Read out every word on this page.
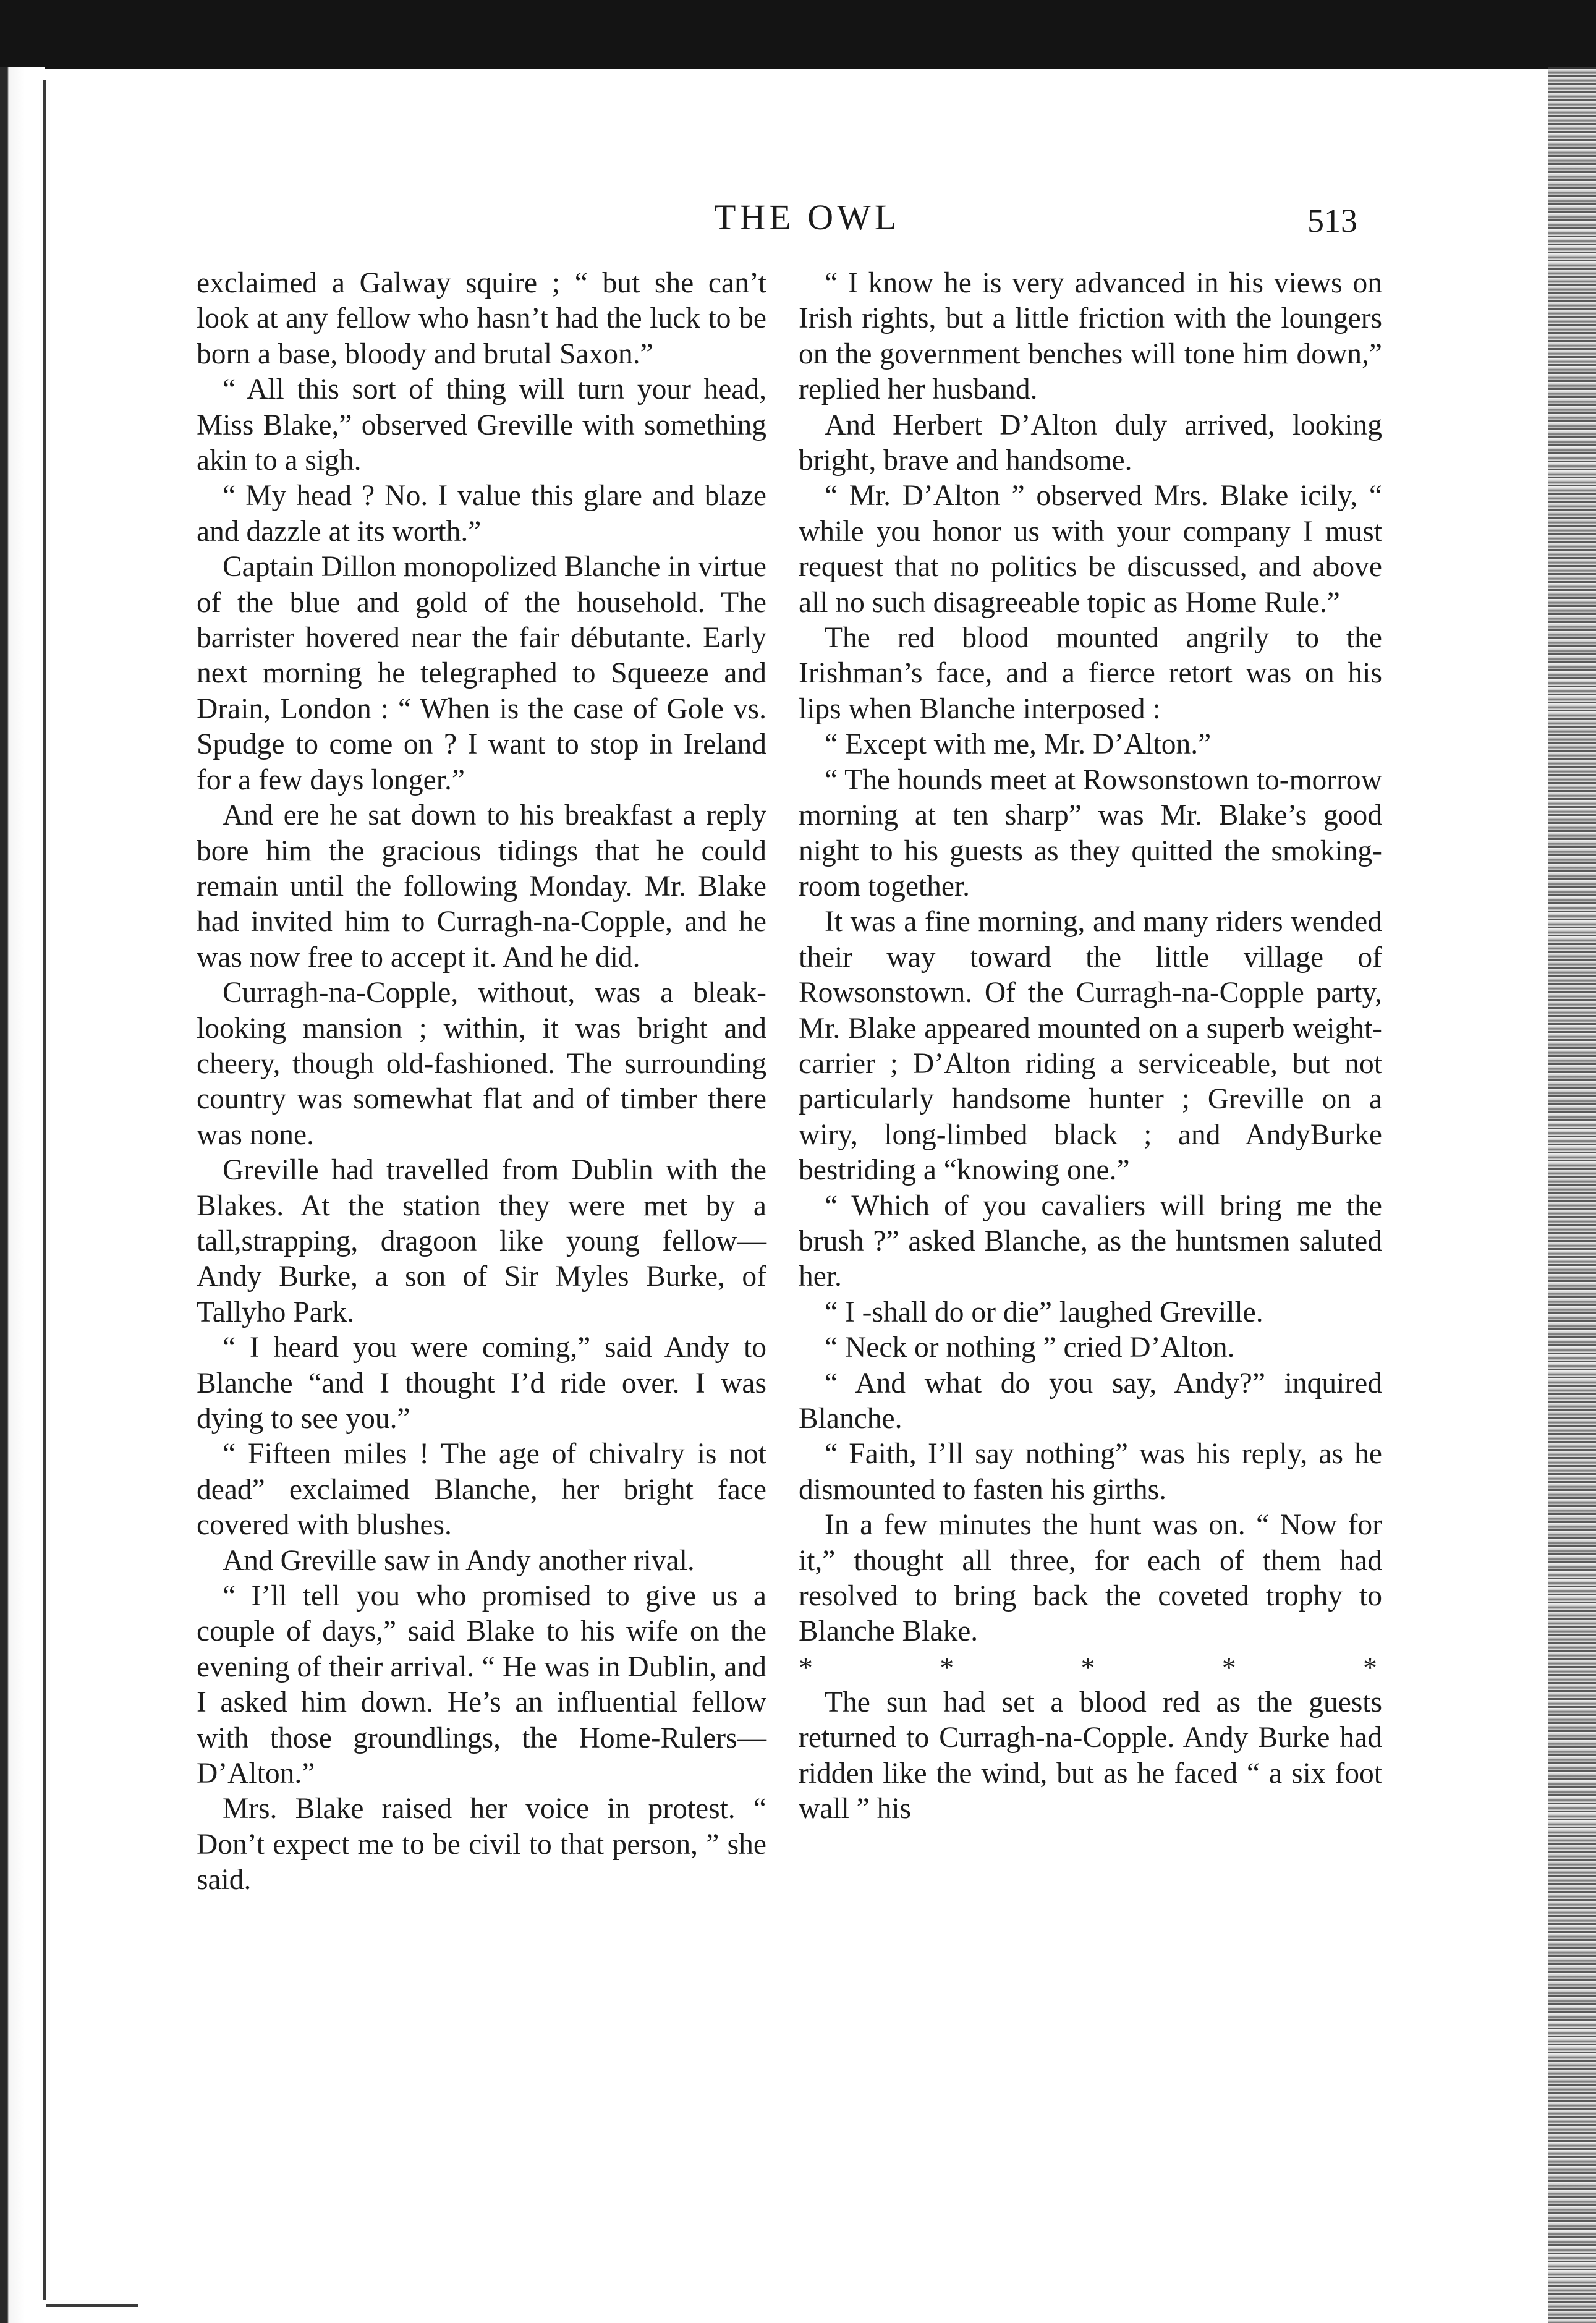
THE OWL	513

exclaimed a Galway squire ; “ but she can’t look at any fellow who hasn’t had the luck to be born a base, bloody and brutal Saxon.”

“ All this sort of thing will turn your head, Miss Blake,” observed Greville with something akin to a sigh.

“ My head ? No. I value this glare and blaze and dazzle at its worth.”

Captain Dillon monopolized Blanche in virtue of the blue and gold of the household. The barrister hovered near the fair débutante. Early next morning he telegraphed to Squeeze and Drain, London : “ When is the case of Gole vs. Spudge to come on ? I want to stop in Ireland for a few days longer.”

And ere he sat down to his breakfast a reply bore him the gracious tidings that he could remain until the following Monday. Mr. Blake had invited him to Curragh-na-Copple, and he was now free to accept it. And he did.

Curragh-na-Copple, without, was a bleak-looking mansion ; within, it was bright and cheery, though old-fashioned. The surrounding country was somewhat flat and of timber there was none.

Greville had travelled from Dublin with the Blakes. At the station they were met by a tall,strapping, dragoon like young fellow—Andy Burke, a son of Sir Myles Burke, of Tallyho Park.

“ I heard you were coming,” said Andy to Blanche “and I thought I’d ride over. I was dying to see you.”

“ Fifteen miles ! The age of chivalry is not dead” exclaimed Blanche, her bright face covered with blushes.

And Greville saw in Andy another rival.

“ I’ll tell you who promised to give us a couple of days,” said Blake to his wife on the evening of their arrival. “ He was in Dublin, and I asked him down. He’s an influential fellow with those groundlings, the Home-Rulers—D’Alton.”

Mrs. Blake raised her voice in protest. “ Don’t expect me to be civil to that person, ” she said.

“ I know he is very advanced in his views on Irish rights, but a little friction with the loungers on the government benches will tone him down,” replied her husband.

And Herbert D’Alton duly arrived, looking bright, brave and handsome.

“ Mr. D’Alton ” observed Mrs. Blake icily, “ while you honor us with your company I must request that no politics be discussed, and above all no such disagreeable topic as Home Rule.”

The red blood mounted angrily to the Irishman’s face, and a fierce retort was on his lips when Blanche interposed :

“ Except with me, Mr. D’Alton.”

“ The hounds meet at Rowsonstown to-morrow morning at ten sharp” was Mr. Blake’s good night to his guests as they quitted the smoking-room together.

It was a fine morning, and many riders wended their way toward the little village of Rowsonstown. Of the Curragh-na-Copple party, Mr. Blake appeared mounted on a superb weight-carrier ; D’Alton riding a serviceable, but not particularly handsome hunter ; Greville on a wiry, long-limbed black ; and AndyBurke bestriding a “knowing one.”

“ Which of you cavaliers will bring me the brush ?” asked Blanche, as the huntsmen saluted her.

“ I -shall do or die” laughed Greville.

“ Neck or nothing ” cried D’Alton.

“ And what do you say, Andy?” inquired Blanche.

“ Faith, I’ll say nothing” was his reply, as he dismounted to fasten his girths.

In a few minutes the hunt was on. “ Now for it,” thought all three, for each of them had resolved to bring back the coveted trophy to Blanche Blake.

*	*	*	*	*

The sun had set a blood red as the guests returned to Curragh-na-Copple. Andy Burke had ridden like the wind, but as he faced “ a six foot wall ” his
